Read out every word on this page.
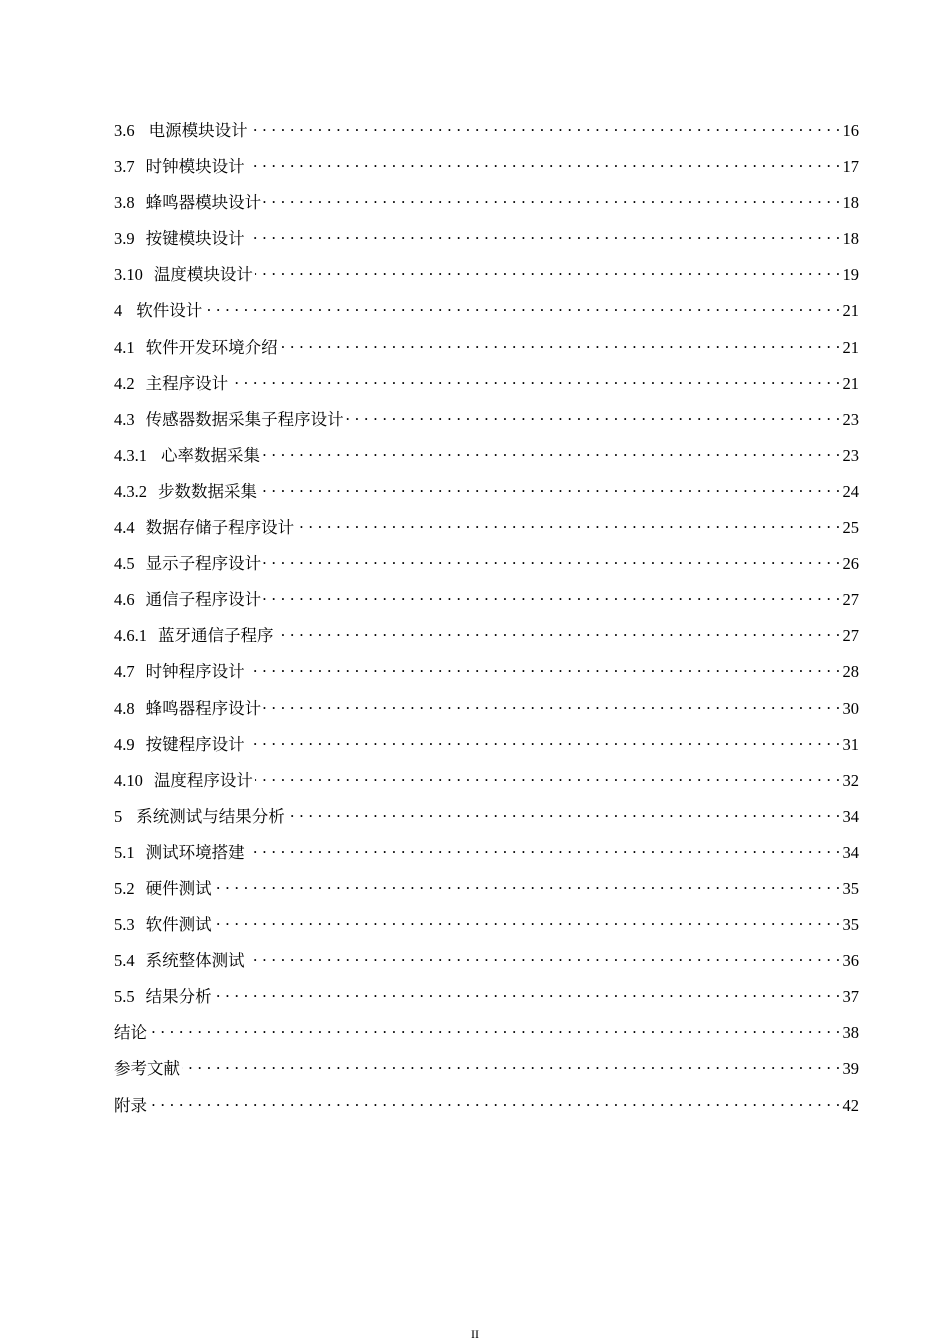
3.6 电源模块设计 . . .	16
3.7 时钟模块设计 . . .	17
3.8 蜂鸣器模块设计 . . .	18
3.9 按键模块设计 . . .	18
3.10 温度模块设计 . . .	19
4 软件设计 . . .	21
4.1 软件开发环境介绍 . . .	21
4.2 主程序设计 . . .	21
4.3 传感器数据采集子程序设计 . . .	23
4.3.1 心率数据采集 . . .	23
4.3.2 步数数据采集 . . .	24
4.4 数据存储子程序设计 . . .	25
4.5 显示子程序设计 . . .	26
4.6 通信子程序设计 . . .	27
4.6.1 蓝牙通信子程序 . . .	27
4.7 时钟程序设计 . . .	28
4.8 蜂鸣器程序设计 . . .	30
4.9 按键程序设计 . . .	31
4.10 温度程序设计 . . .	32
5 系统测试与结果分析 . . .	34
5.1 测试环境搭建 . . .	34
5.2 硬件测试 . . .	35
5.3 软件测试 . . .	35
5.4 系统整体测试 . . .	36
5.5 结果分析 . . .	37
结论 . . .	38
参考文献 . . .	39
附录 . . .	42
II
